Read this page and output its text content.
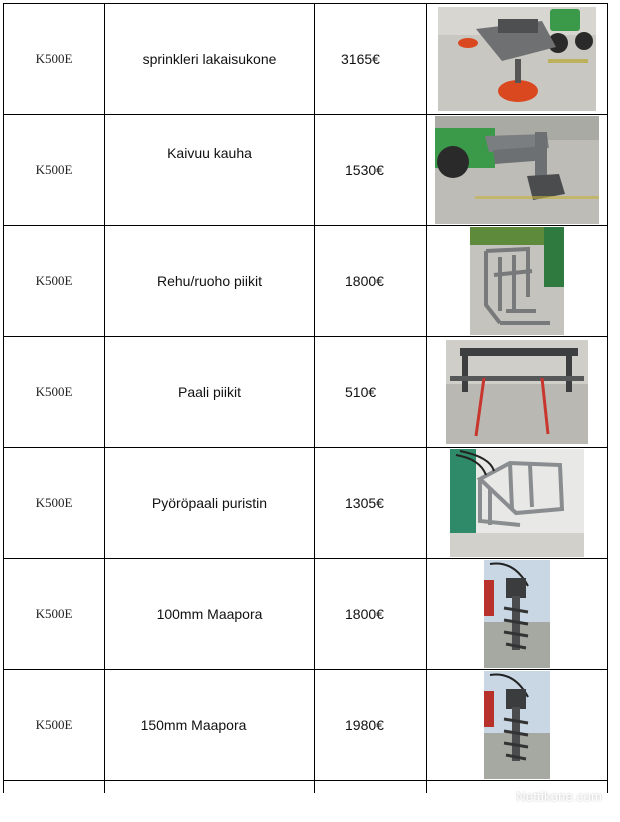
K500E	sprinkleri lakaisukone	3165€

K500E	Kaivuu kauha	1530€

K500E	Rehu/ruoho piikit	1800€

K500E	Paali piikit	510€

K500E	Pyöröpaali puristin	1305€

K500E	100mm Maapora	1800€

K500E	150mm Maapora	1980€

Nettikone.com
